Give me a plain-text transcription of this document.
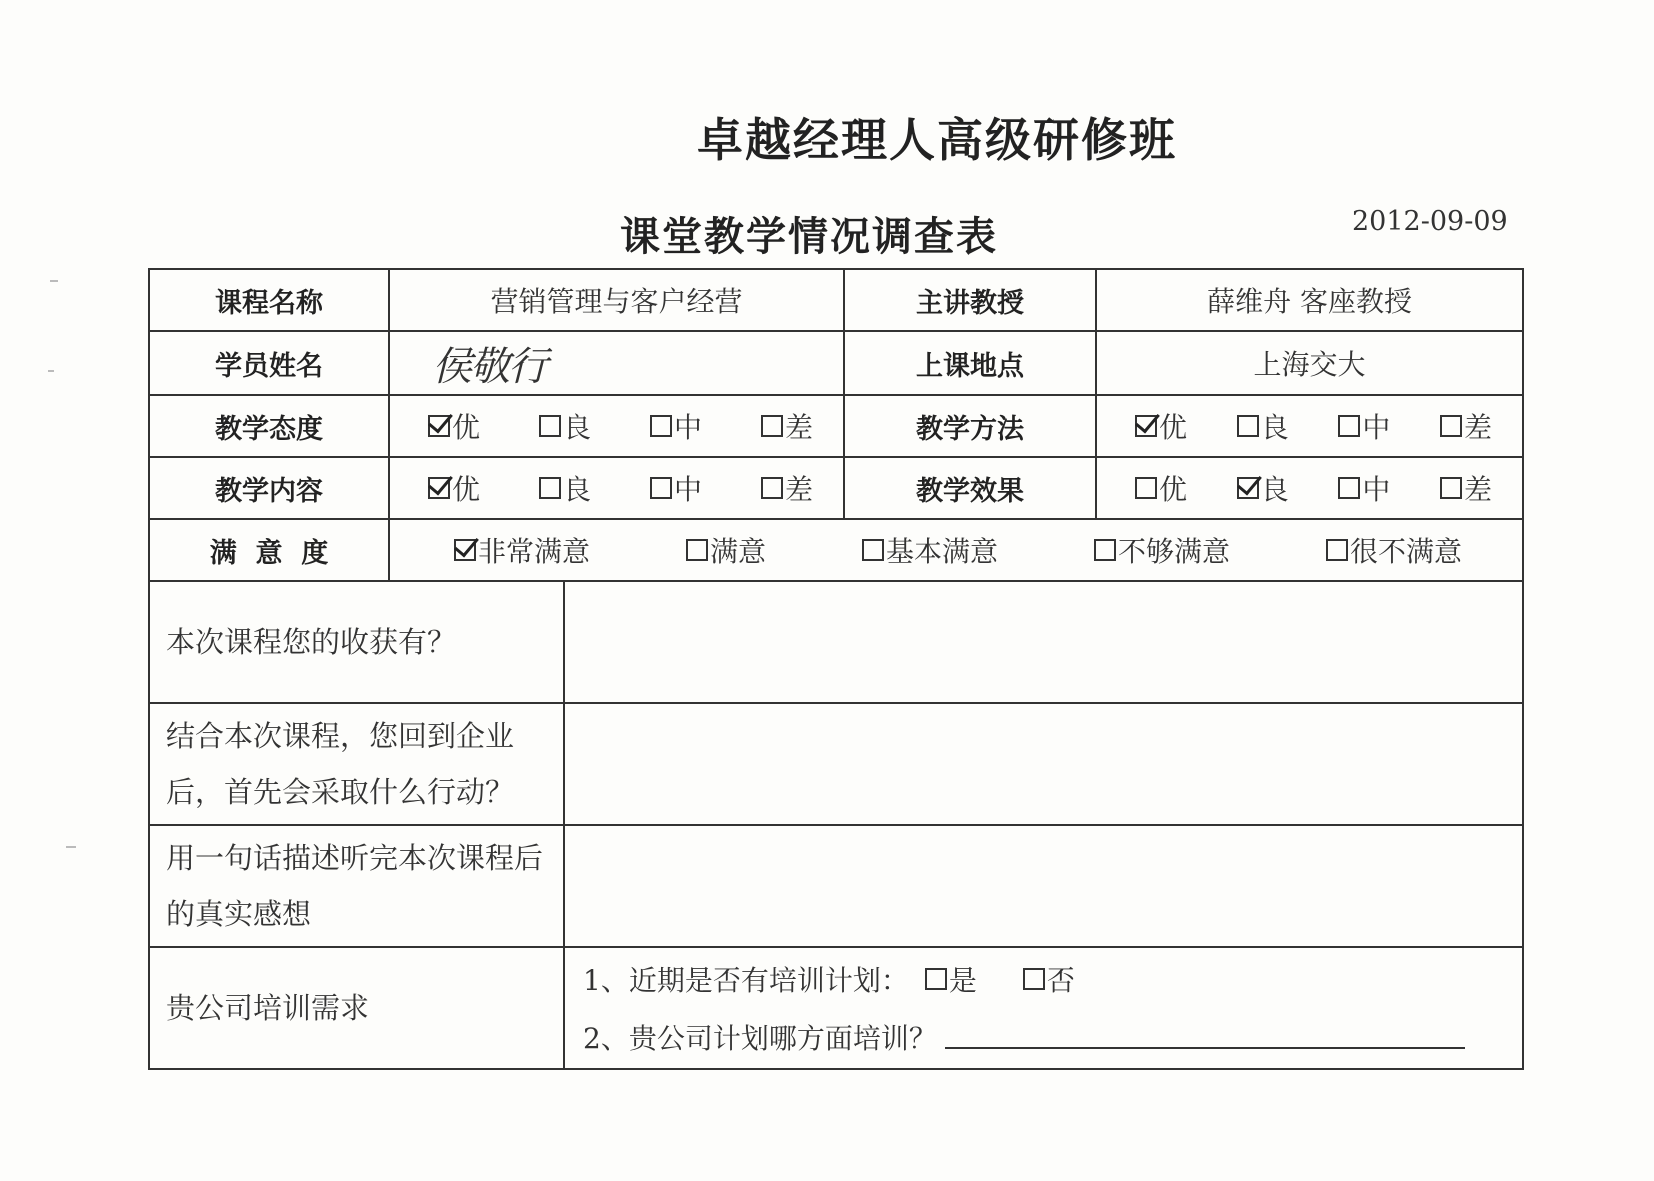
卓越经理人高级研修班
课堂教学情况调查表	2012-09-09
课程名称	营销管理与客户经营		主讲教授	薛维舟 客座教授
学员姓名	侯敬行		上课地点	上海交大
教学态度	优 良 中 差		教学方法	优 良 中 差

教学内容	优 良 中 差		教学效果	优 良 中 差

满  意  度	非常满意 满意 基本满意 不够满意 很不满意			

本次课程您的收获有？				
结合本次课程，您回到企业后，首先会采取什么行动？				
用一句话描述听完本次课程后的真实感想				
贵公司培训需求		1、近期是否有培训计划： 是 否
2、贵公司计划哪方面培训？		
